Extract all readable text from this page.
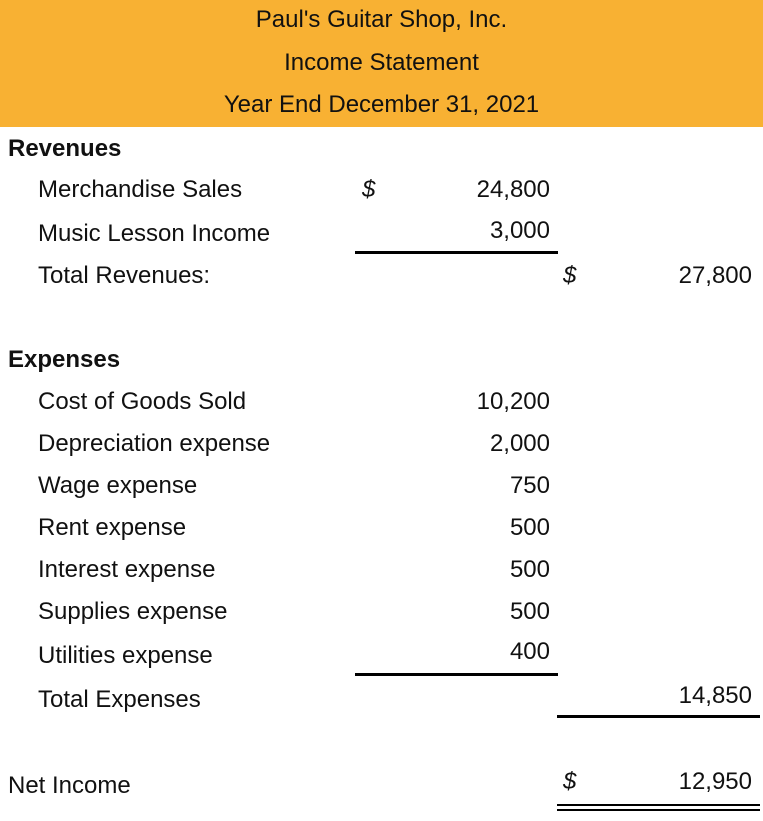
Paul's Guitar Shop, Inc.
Income Statement
Year End December 31, 2021
Revenues
Merchandise Sales	$	24,800
Music Lesson Income	3,000
Total Revenues:	$	27,800
Expenses
Cost of Goods Sold	10,200
Depreciation expense	2,000
Wage expense	750
Rent expense	500
Interest expense	500
Supplies expense	500
Utilities expense	400
Total Expenses	14,850
Net Income	$	12,950
